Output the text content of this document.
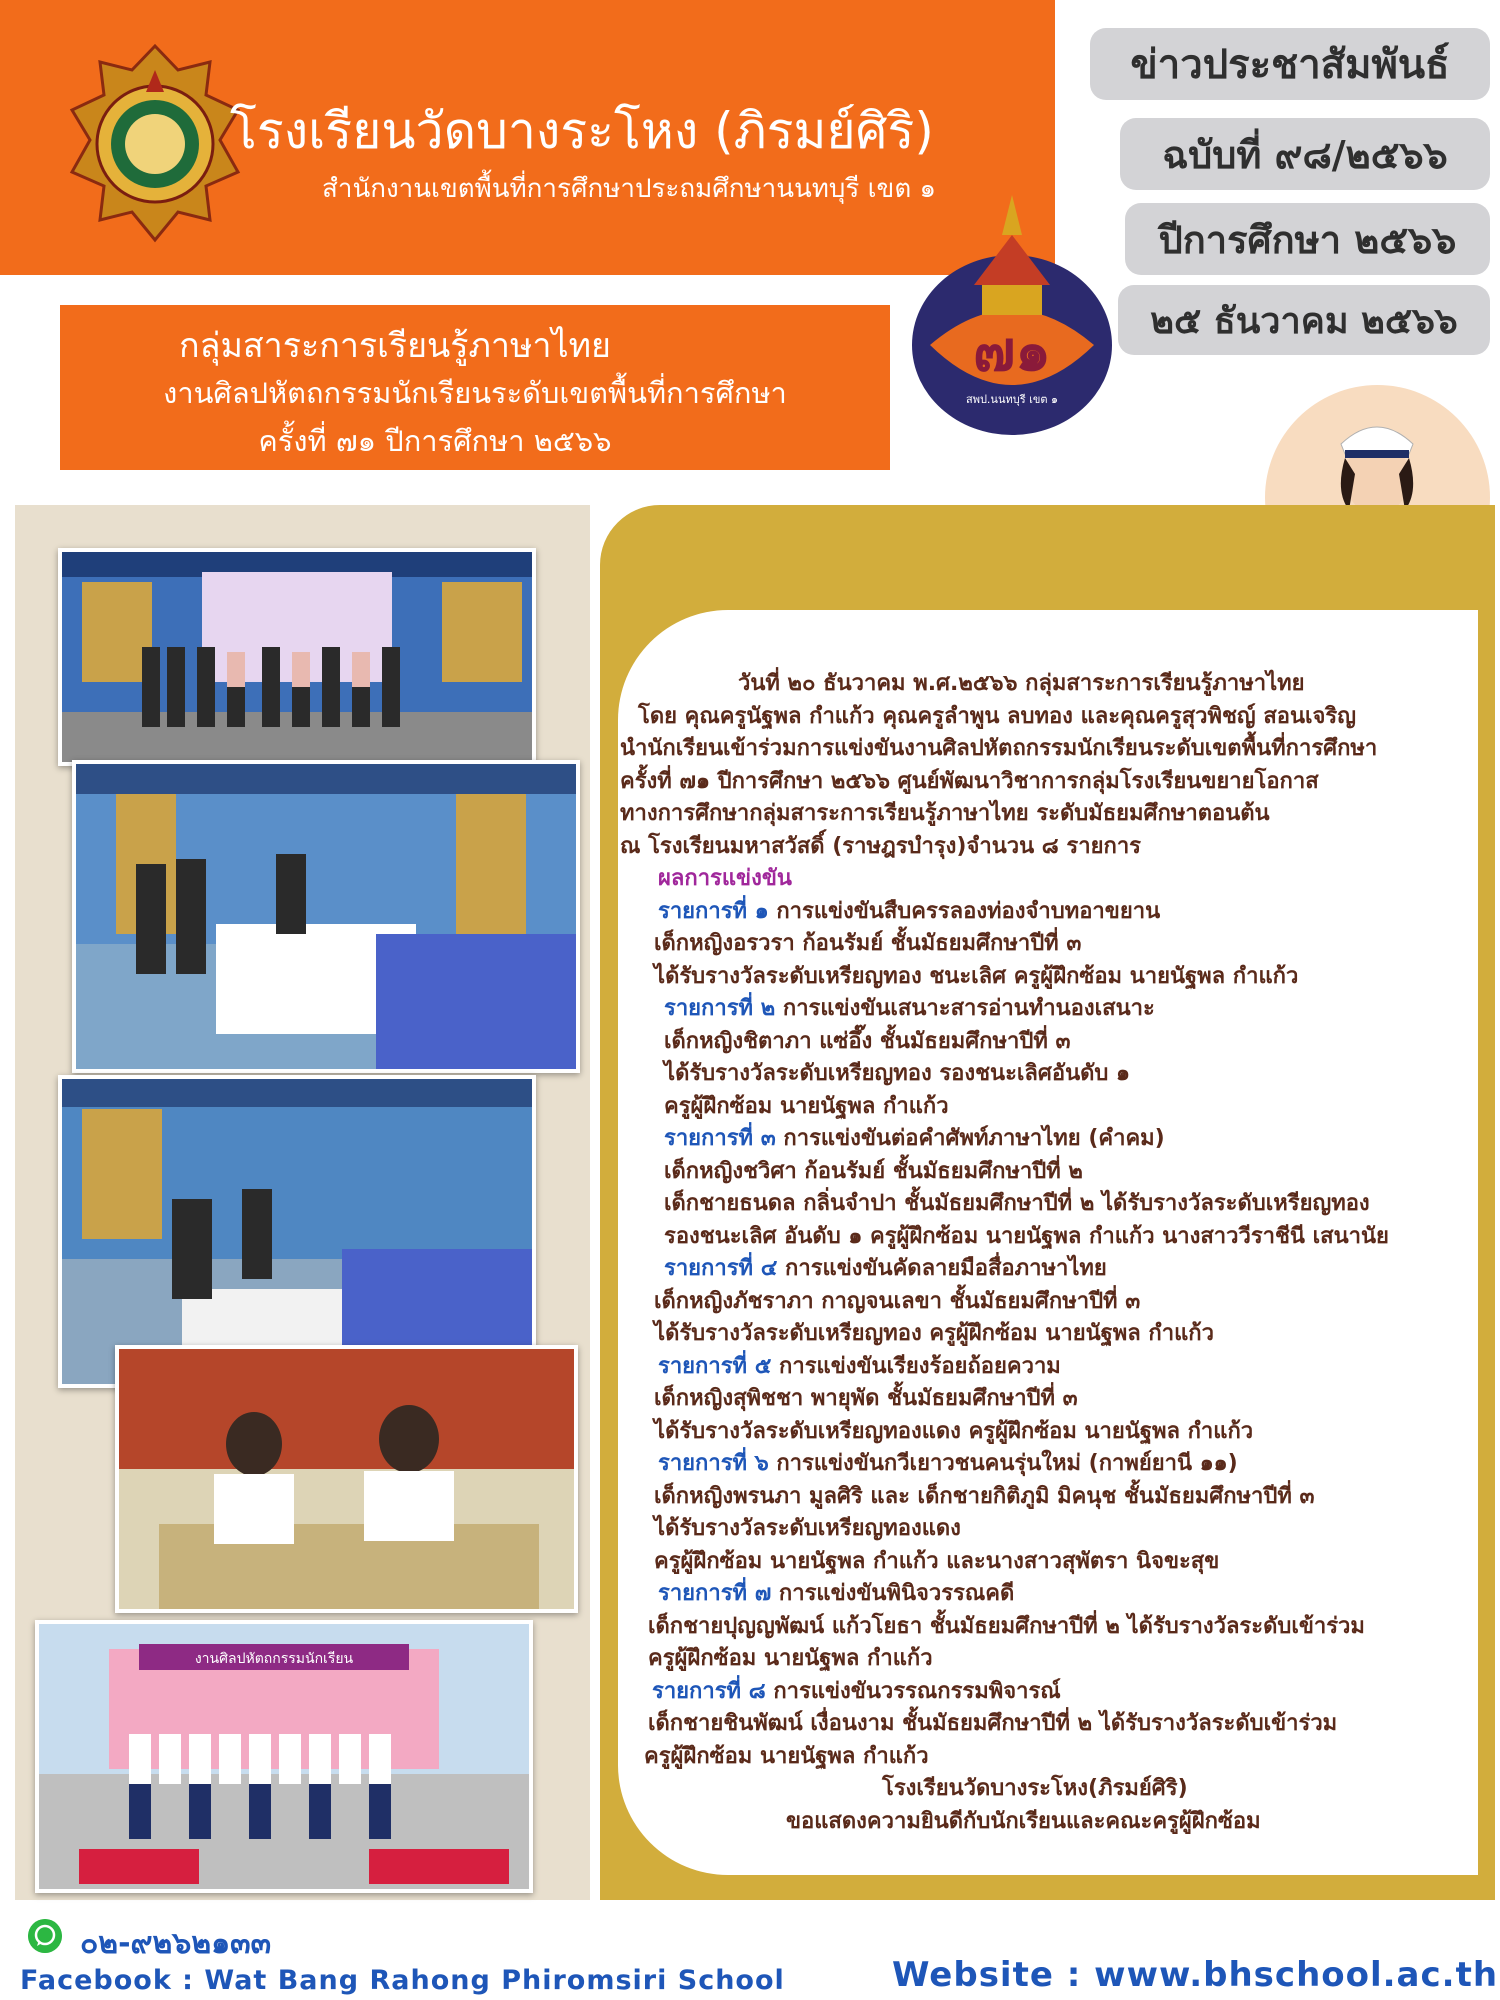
โรงเรียนวัดบางระโหง (ภิรมย์ศิริ)
สำนักงานเขตพื้นที่การศึกษาประถมศึกษานนทบุรี เขต ๑
ข่าวประชาสัมพันธ์
ฉบับที่ ๙๘/๒๕๖๖
ปีการศึกษา ๒๕๖๖
๒๕ ธันวาคม ๒๕๖๖
๗๑
สพป.นนทบุรี เขต ๑
กลุ่มสาระการเรียนรู้ภาษาไทย
งานศิลปหัตถกรรมนักเรียนระดับเขตพื้นที่การศึกษา
ครั้งที่ ๗๑ ปีการศึกษา ๒๕๖๖
งานศิลปหัตถกรรมนักเรียน
วันที่ ๒๐ ธันวาคม พ.ศ.๒๕๖๖ กลุ่มสาระการเรียนรู้ภาษาไทย
โดย คุณครูนัฐพล กำแก้ว คุณครูลำพูน ลบทอง และคุณครูสุวพิชญ์ สอนเจริญ
นำนักเรียนเข้าร่วมการแข่งขันงานศิลปหัตถกรรมนักเรียนระดับเขตพื้นที่การศึกษา
ครั้งที่ ๗๑ ปีการศึกษา ๒๕๖๖ ศูนย์พัฒนาวิชาการกลุ่มโรงเรียนขยายโอกาส
ทางการศึกษากลุ่มสาระการเรียนรู้ภาษาไทย ระดับมัธยมศึกษาตอนต้น
ณ โรงเรียนมหาสวัสดิ์ (ราษฎรบำรุง)จำนวน ๘ รายการ
ผลการแข่งขัน
รายการที่ ๑ การแข่งขันสืบครรลองท่องจำบทอาขยาน
เด็กหญิงอรวรา ก้อนรัมย์ ชั้นมัธยมศึกษาปีที่ ๓
ได้รับรางวัลระดับเหรียญทอง ชนะเลิศ ครูผู้ฝึกซ้อม นายนัฐพล กำแก้ว
รายการที่ ๒ การแข่งขันเสนาะสารอ่านทำนองเสนาะ
เด็กหญิงชิตาภา แซ่อึ๊ง ชั้นมัธยมศึกษาปีที่ ๓
ได้รับรางวัลระดับเหรียญทอง รองชนะเลิศอันดับ ๑
ครูผู้ฝึกซ้อม นายนัฐพล กำแก้ว
รายการที่ ๓ การแข่งขันต่อคำศัพท์ภาษาไทย (คำคม)
เด็กหญิงชวิศา ก้อนรัมย์ ชั้นมัธยมศึกษาปีที่ ๒
เด็กชายธนดล กลิ่นจำปา ชั้นมัธยมศึกษาปีที่ ๒ ได้รับรางวัลระดับเหรียญทอง
รองชนะเลิศ อันดับ ๑ ครูผู้ฝึกซ้อม นายนัฐพล กำแก้ว นางสาววีราชีนี เสนานัย
รายการที่ ๔ การแข่งขันคัดลายมือสื่อภาษาไทย
เด็กหญิงภัชราภา กาญจนเลขา ชั้นมัธยมศึกษาปีที่ ๓
ได้รับรางวัลระดับเหรียญทอง ครูผู้ฝึกซ้อม นายนัฐพล กำแก้ว
รายการที่ ๕ การแข่งขันเรียงร้อยถ้อยความ
เด็กหญิงสุพิชชา พายุพัด ชั้นมัธยมศึกษาปีที่ ๓
ได้รับรางวัลระดับเหรียญทองแดง ครูผู้ฝึกซ้อม นายนัฐพล กำแก้ว
รายการที่ ๖ การแข่งขันกวีเยาวชนคนรุ่นใหม่ (กาพย์ยานี ๑๑)
เด็กหญิงพรนภา มูลศิริ และ เด็กชายกิติภูมิ มิคนุช ชั้นมัธยมศึกษาปีที่ ๓
ได้รับรางวัลระดับเหรียญทองแดง
ครูผู้ฝึกซ้อม นายนัฐพล กำแก้ว และนางสาวสุพัตรา นิจขะสุข
รายการที่ ๗ การแข่งขันพินิจวรรณคดี
เด็กชายปุญญพัฒน์ แก้วโยธา ชั้นมัธยมศึกษาปีที่ ๒ ได้รับรางวัลระดับเข้าร่วม
ครูผู้ฝึกซ้อม นายนัฐพล กำแก้ว
รายการที่ ๘ การแข่งขันวรรณกรรมพิจารณ์
เด็กชายชินพัฒน์ เงื่อนงาม ชั้นมัธยมศึกษาปีที่ ๒ ได้รับรางวัลระดับเข้าร่วม
ครูผู้ฝึกซ้อม นายนัฐพล กำแก้ว
โรงเรียนวัดบางระโหง(ภิรมย์ศิริ)
ขอแสดงความยินดีกับนักเรียนและคณะครูผู้ฝึกซ้อม
๐๒-๙๒๖๒๑๓๓
Facebook : Wat Bang Rahong Phiromsiri School	Website : www.bhschool.ac.th
